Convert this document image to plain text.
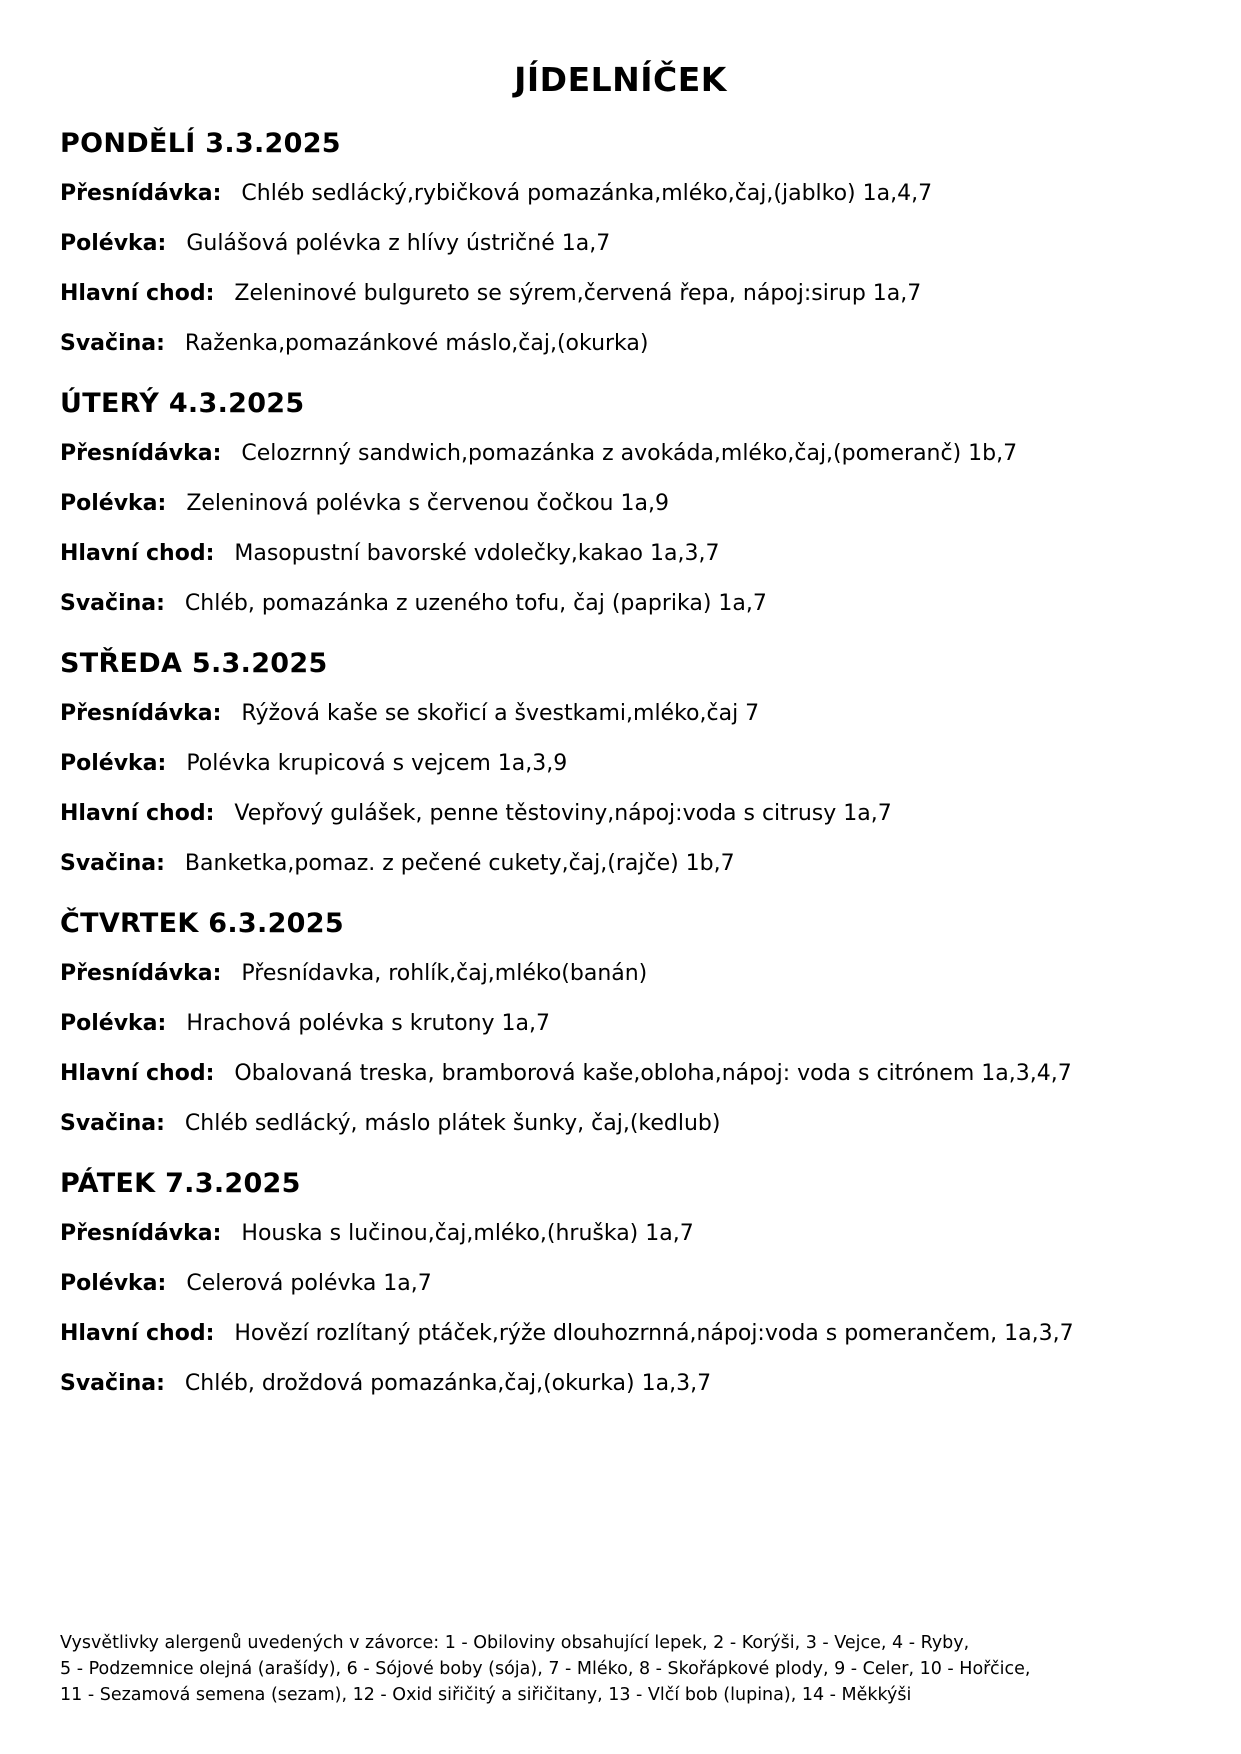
JÍDELNÍČEK
PONDĚLÍ 3.3.2025
Přesnídávka: Chléb sedlácký,rybičková pomazánka,mléko,čaj,(jablko) 1a,4,7
Polévka: Gulášová polévka z hlívy ústričné 1a,7
Hlavní chod: Zeleninové bulgureto se sýrem,červená řepa, nápoj:sirup 1a,7
Svačina: Raženka,pomazánkové máslo,čaj,(okurka)
ÚTERÝ 4.3.2025
Přesnídávka: Celozrnný sandwich,pomazánka z avokáda,mléko,čaj,(pomeranč) 1b,7
Polévka: Zeleninová polévka s červenou čočkou 1a,9
Hlavní chod: Masopustní bavorské vdolečky,kakao 1a,3,7
Svačina: Chléb, pomazánka z uzeného tofu, čaj (paprika) 1a,7
STŘEDA 5.3.2025
Přesnídávka: Rýžová kaše se skořicí a švestkami,mléko,čaj 7
Polévka: Polévka krupicová s vejcem 1a,3,9
Hlavní chod: Vepřový gulášek, penne těstoviny,nápoj:voda s citrusy 1a,7
Svačina: Banketka,pomaz. z pečené cukety,čaj,(rajče) 1b,7
ČTVRTEK 6.3.2025
Přesnídávka: Přesnídavka, rohlík,čaj,mléko(banán)
Polévka: Hrachová polévka s krutony 1a,7
Hlavní chod: Obalovaná treska, bramborová kaše,obloha,nápoj: voda s citrónem 1a,3,4,7
Svačina: Chléb sedlácký, máslo plátek šunky, čaj,(kedlub)
PÁTEK 7.3.2025
Přesnídávka: Houska s lučinou,čaj,mléko,(hruška) 1a,7
Polévka: Celerová polévka 1a,7
Hlavní chod: Hovězí rozlítaný ptáček,rýže dlouhozrnná,nápoj:voda s pomerančem, 1a,3,7
Svačina: Chléb, droždová pomazánka,čaj,(okurka) 1a,3,7
Vysvětlivky alergenů uvedených v závorce: 1 - Obiloviny obsahující lepek, 2 - Korýši, 3 - Vejce, 4 - Ryby,
5 - Podzemnice olejná (arašídy), 6 - Sójové boby (sója), 7 - Mléko, 8 - Skořápkové plody, 9 - Celer, 10 - Hořčice,
11 - Sezamová semena (sezam), 12 - Oxid siřičitý a siřičitany, 13 - Vlčí bob (lupina), 14 - Měkkýši
